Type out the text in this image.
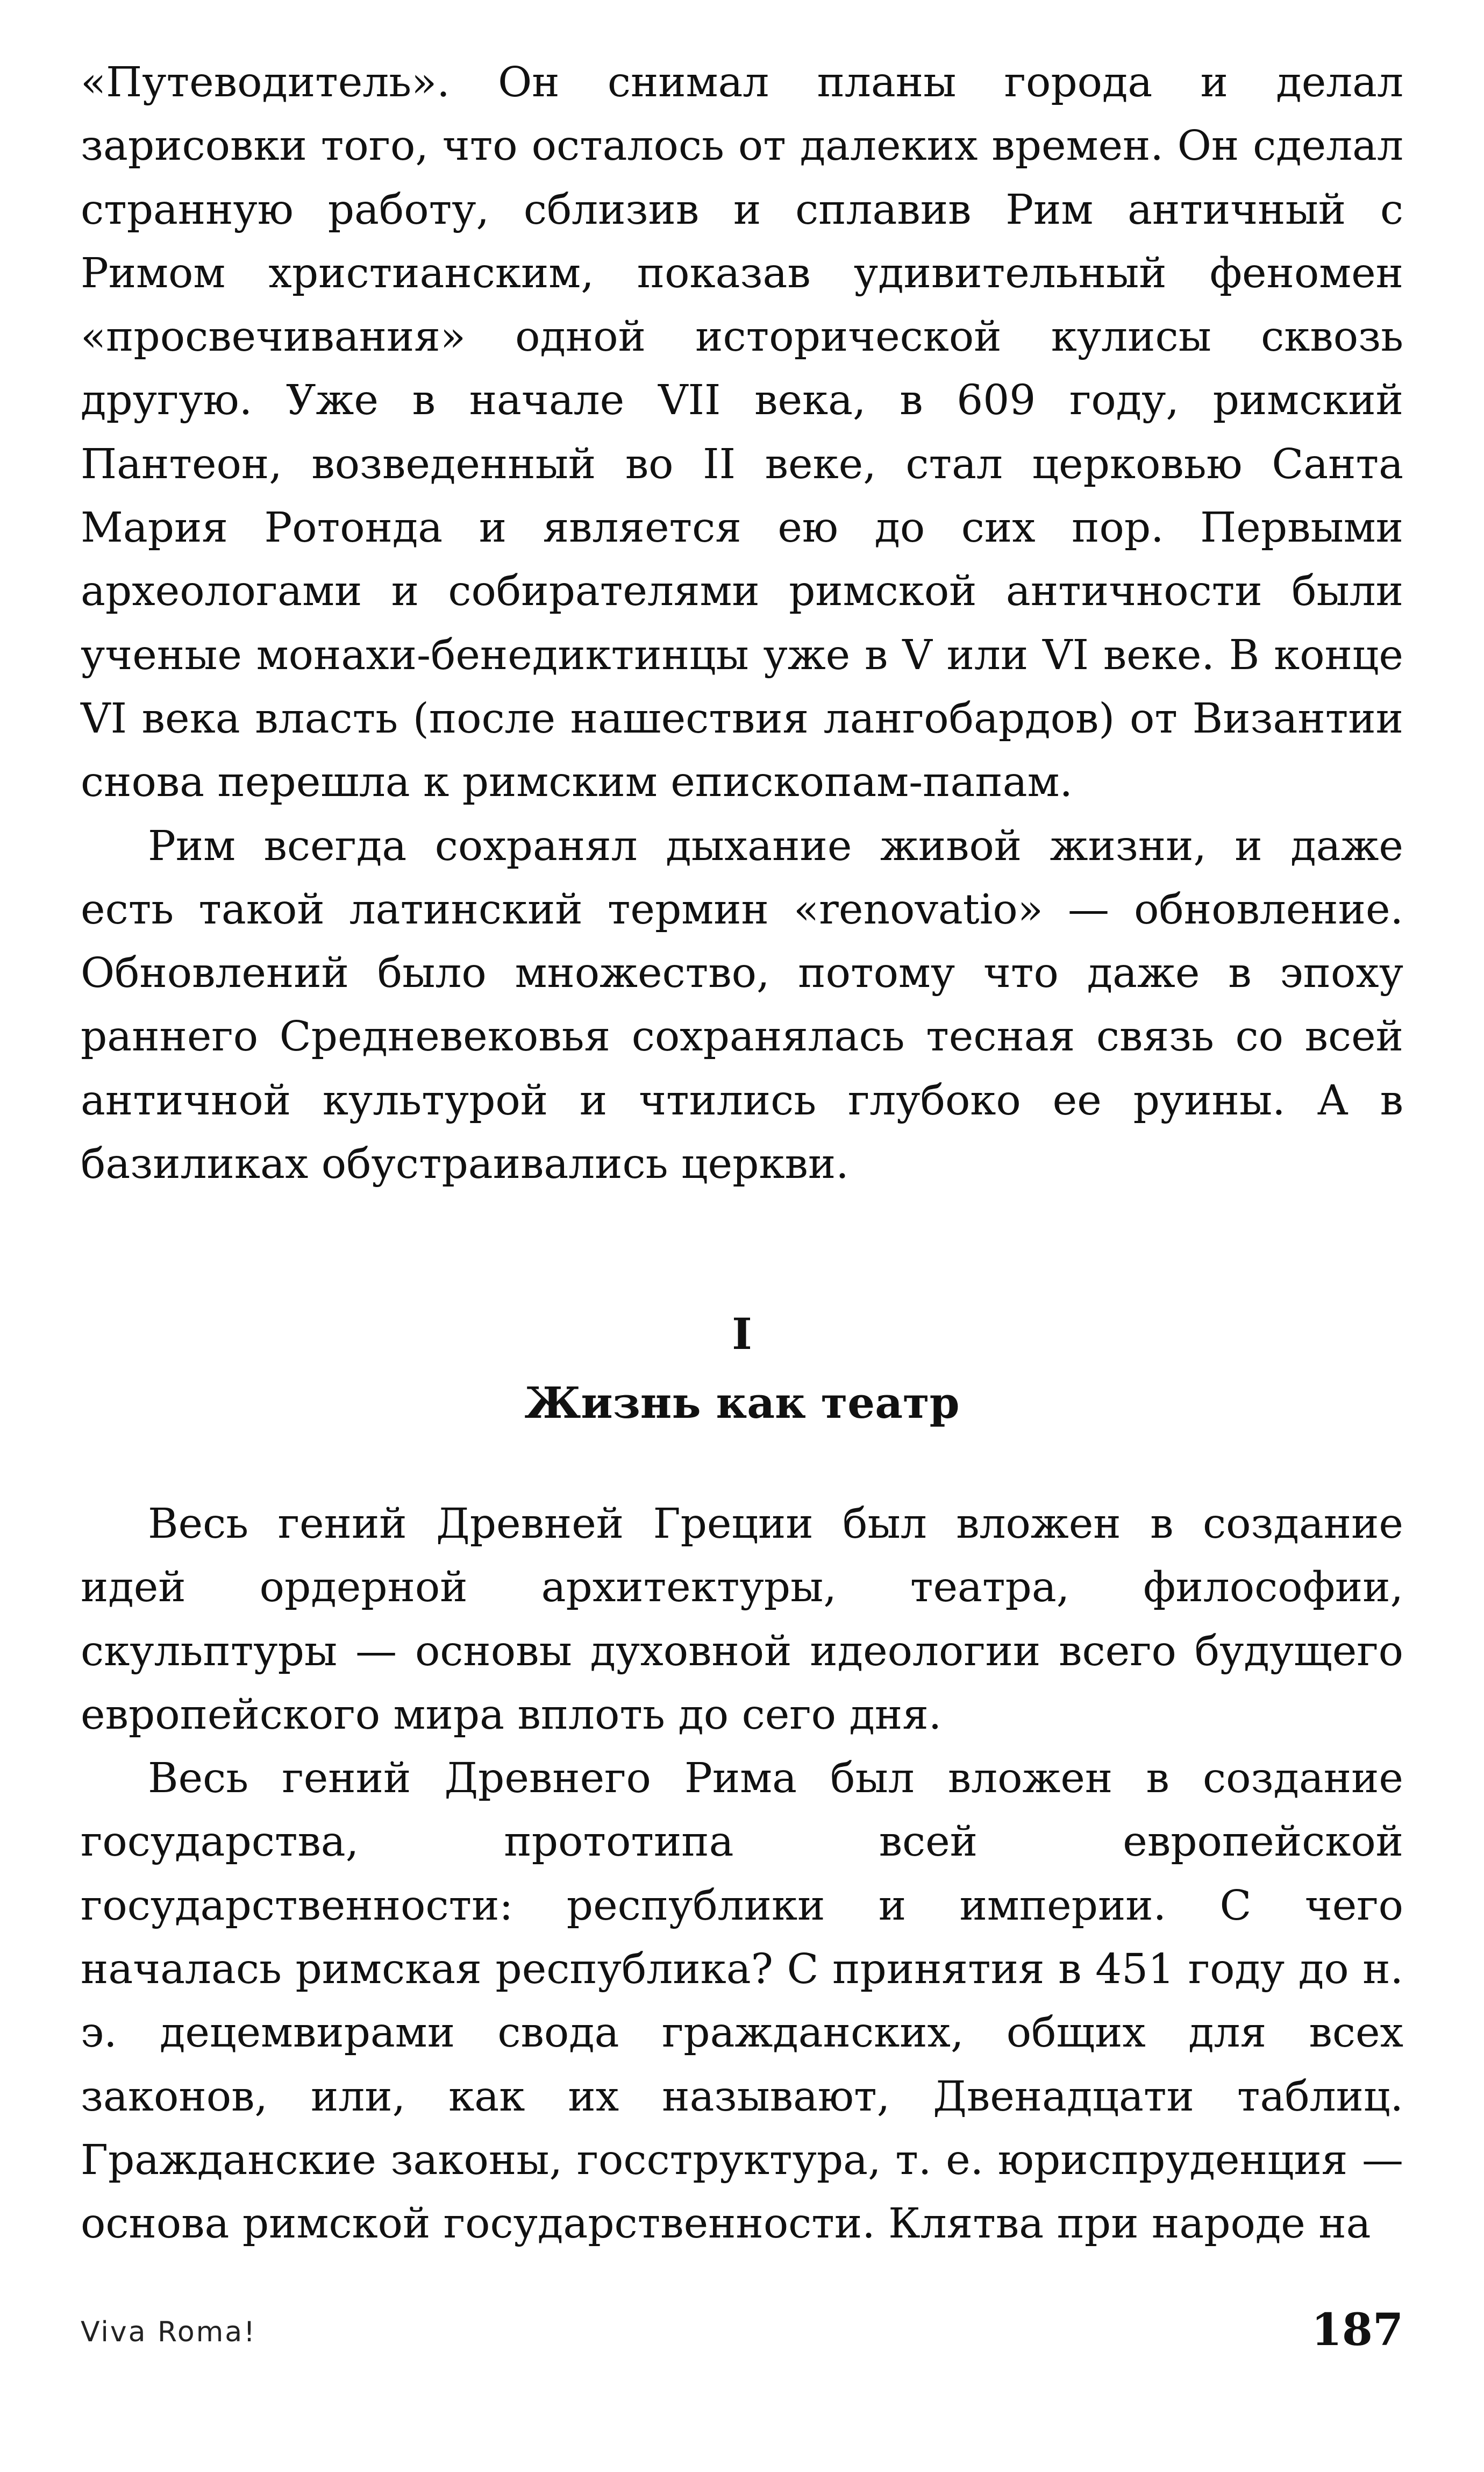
«Путеводитель». Он снимал планы города и делал зарисовки того, что осталось от далеких времен. Он сделал странную работу, сблизив и сплавив Рим античный с Римом христианским, показав удивительный феномен «просвечивания» одной исторической кулисы сквозь другую. Уже в начале VII века, в 609 году, римский Пантеон, возведенный во II веке, стал церковью Санта Мария Ротонда и является ею до сих пор. Первыми археологами и собирателями римской античности были ученые монахи-бенедиктинцы уже в V или VI веке. В конце VI века власть (после нашествия лангобардов) от Византии снова перешла к римским епископам-папам.

Рим всегда сохранял дыхание живой жизни, и даже есть такой латинский термин «renovatio» — обновление. Обновлений было множество, потому что даже в эпоху раннего Средневековья сохранялась тесная связь со всей античной культурой и чтились глубоко ее руины. А в базиликах обустраивались церкви.

I

Жизнь как театр

Весь гений Древней Греции был вложен в создание идей ордерной архитектуры, театра, философии, скульптуры — основы духовной идеологии всего будущего европейского мира вплоть до сего дня.

Весь гений Древнего Рима был вложен в создание государства, прототипа всей европейской государственности: республики и империи. С чего началась римская республика? С принятия в 451 году до н. э. децемвирами свода гражданских, общих для всех законов, или, как их называют, Двенадцати таблиц. Гражданские законы, госструктура, т. е. юриспруденция — основа римской государственности. Клятва при народе на

Viva Roma!	187
